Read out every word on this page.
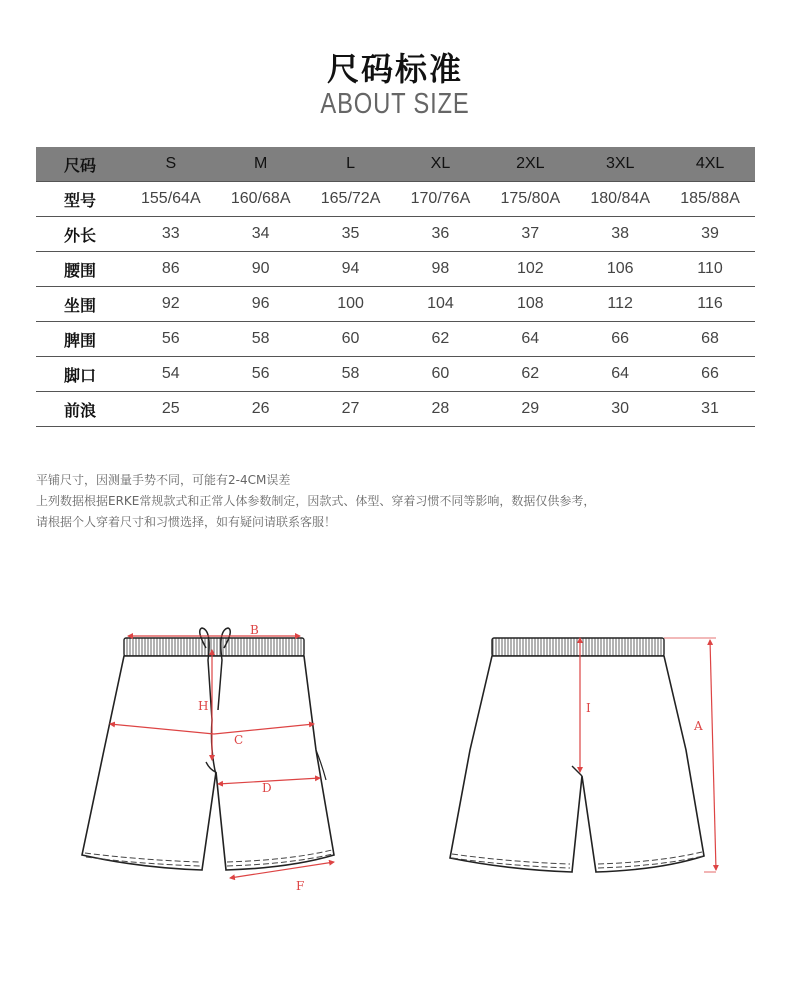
尺码标准
ABOUT SIZE
尺码	S	M	L	XL	2XL	3XL	4XL
型号	155/64A	160/68A	165/72A	170/76A	175/80A	180/84A	185/88A
外长	33	34	35	36	37	38	39
腰围	86	90	94	98	102	106	110
坐围	92	96	100	104	108	112	116
脾围	56	58	60	62	64	66	68
脚口	54	56	58	60	62	64	66
前浪	25	26	27	28	29	30	31
平铺尺寸，因测量手势不同，可能有2-4CM误差
上列数据根据ERKE常规款式和正常人体参数制定，因款式、体型、穿着习惯不同等影响，数据仅供参考，
请根据个人穿着尺寸和习惯选择，如有疑问请联系客服！
B
H
C
D
F
I
A
